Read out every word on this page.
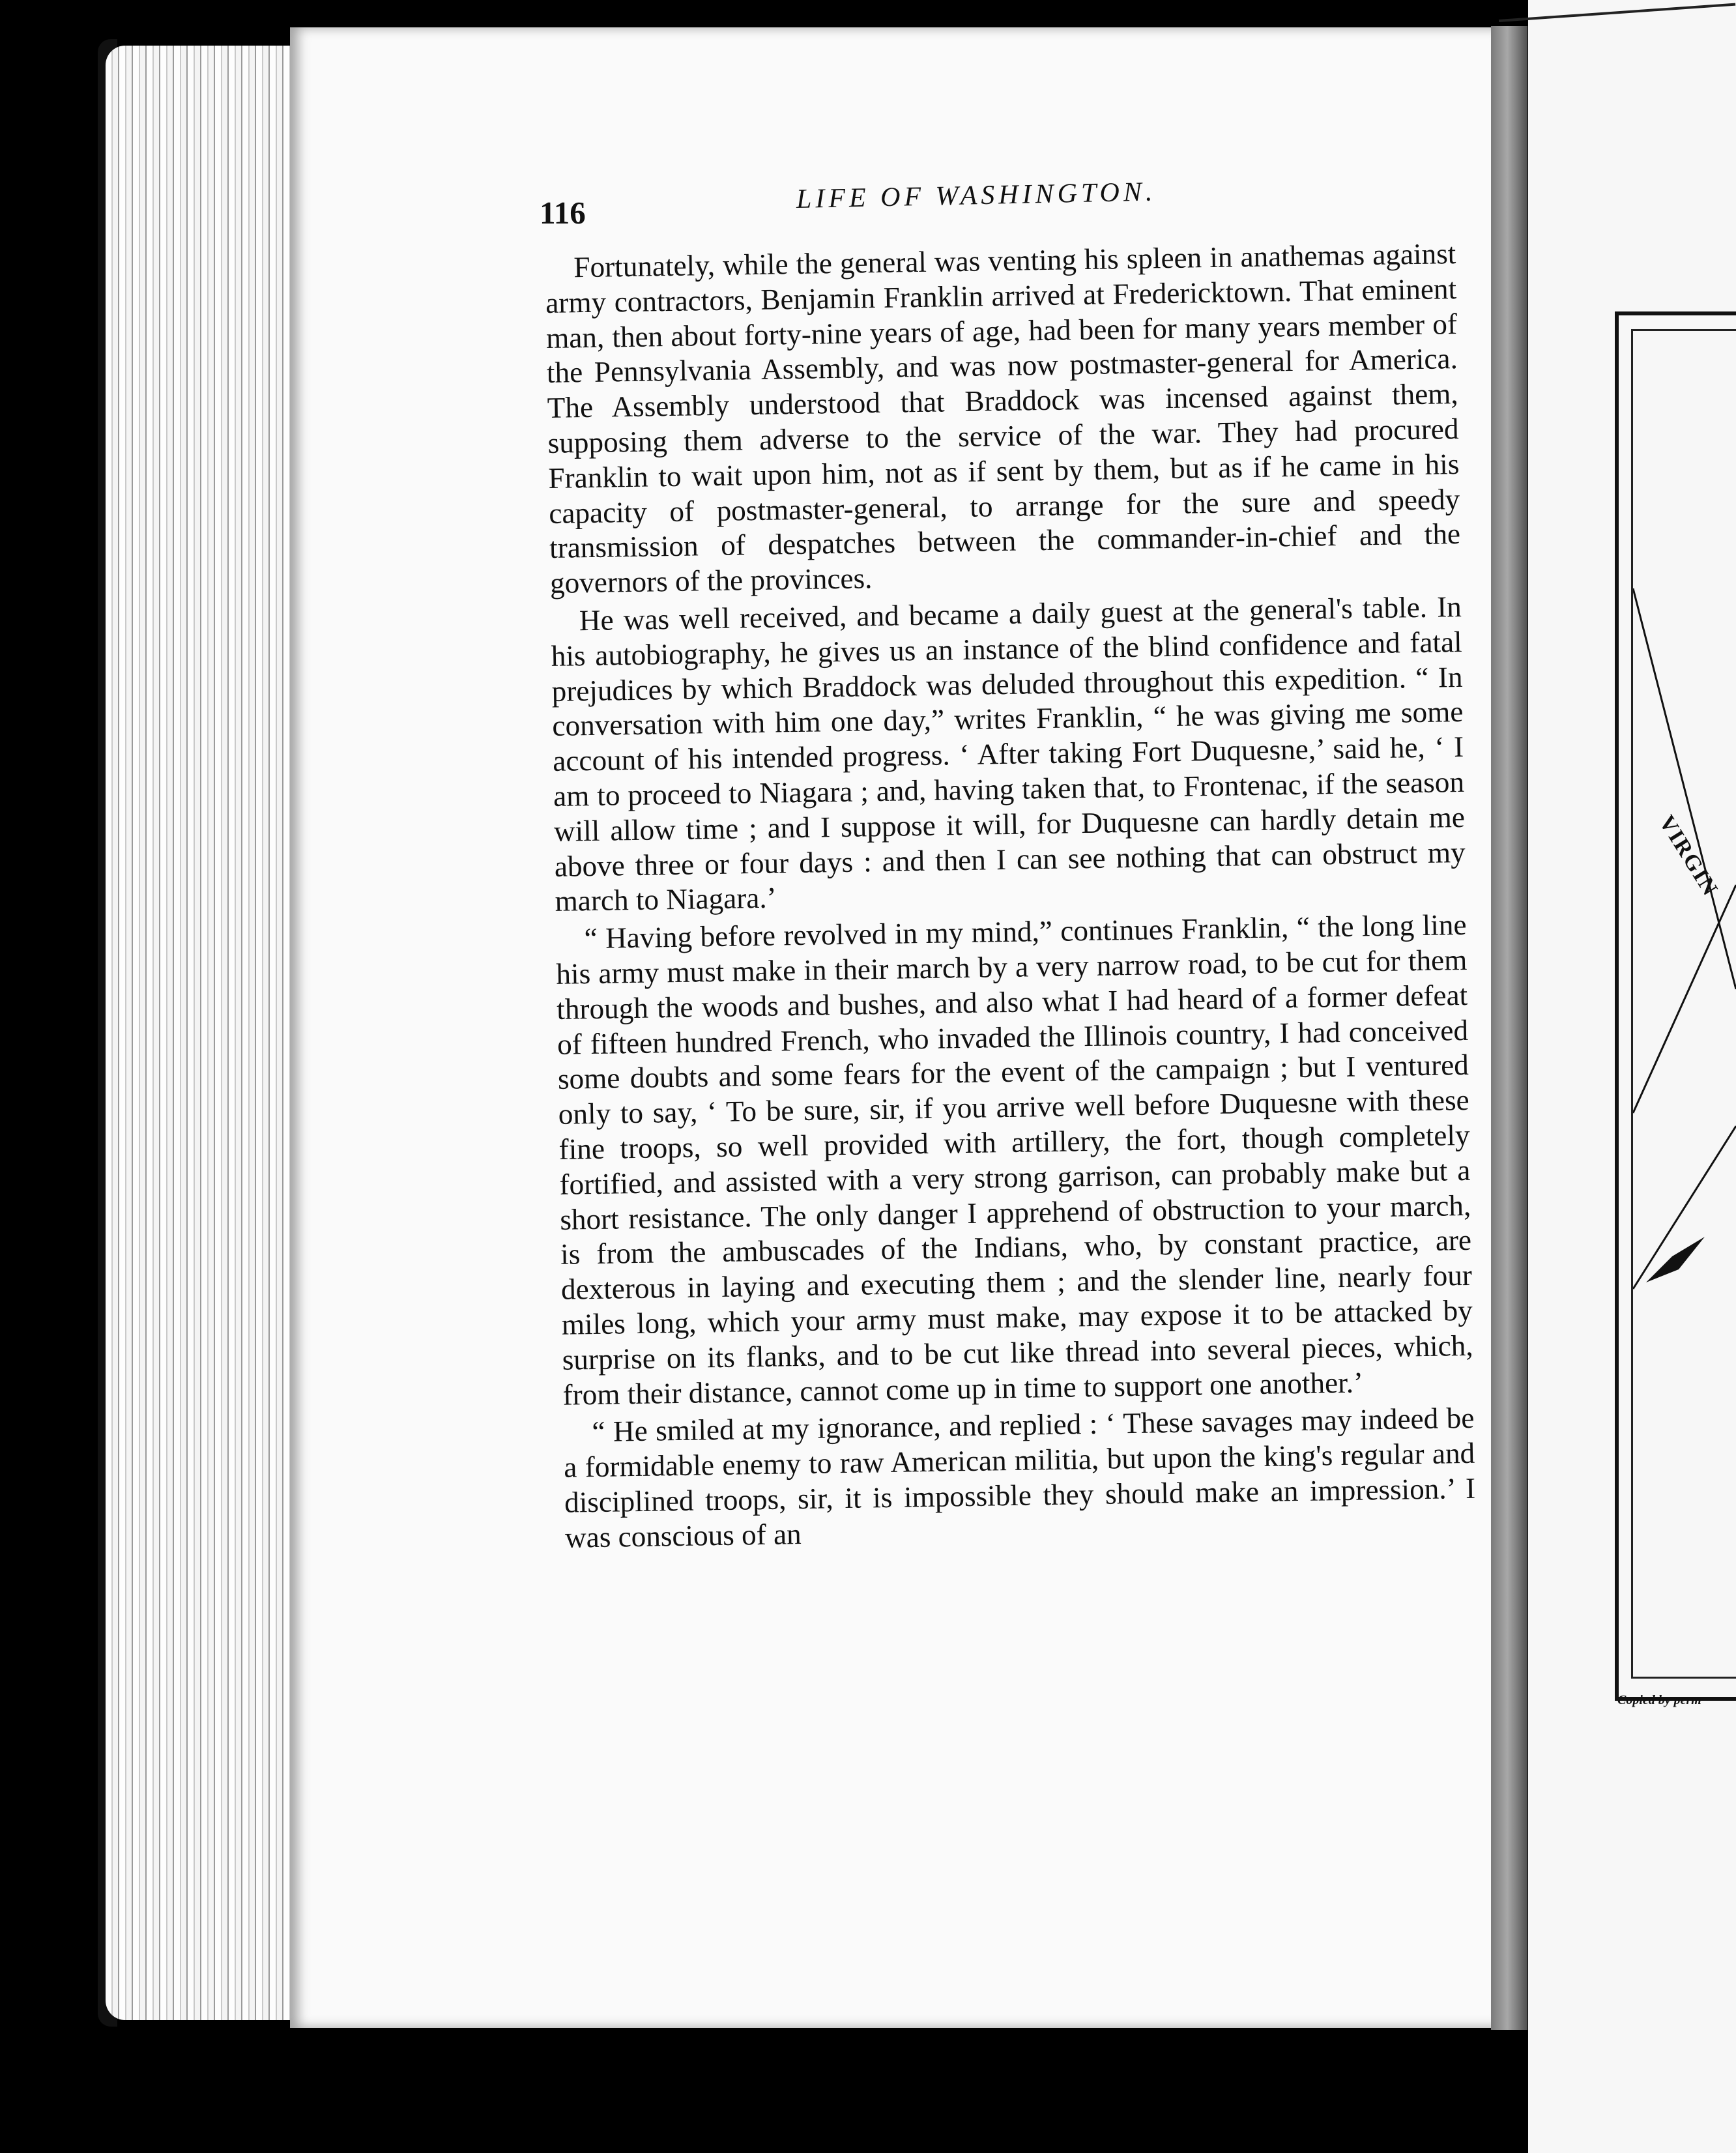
116	LIFE OF WASHINGTON.

Fortunately, while the general was venting his spleen in anathemas against army contractors, Benjamin Franklin arrived at Fredericktown. That eminent man, then about forty-nine years of age, had been for many years member of the Pennsylvania Assembly, and was now postmaster-general for America. The Assembly understood that Braddock was incensed against them, supposing them adverse to the service of the war. They had procured Franklin to wait upon him, not as if sent by them, but as if he came in his capacity of postmaster-general, to arrange for the sure and speedy transmission of despatches between the commander-in-chief and the governors of the provinces.

He was well received, and became a daily guest at the general's table. In his autobiography, he gives us an instance of the blind confidence and fatal prejudices by which Braddock was deluded throughout this expedition. “ In conversation with him one day,” writes Franklin, “ he was giving me some account of his intended progress. ‘ After taking Fort Duquesne,’ said he, ‘ I am to proceed to Niagara ; and, having taken that, to Frontenac, if the season will allow time ; and I suppose it will, for Duquesne can hardly detain me above three or four days : and then I can see nothing that can obstruct my march to Niagara.’

“ Having before revolved in my mind,” continues Franklin, “ the long line his army must make in their march by a very narrow road, to be cut for them through the woods and bushes, and also what I had heard of a former defeat of fifteen hundred French, who invaded the Illinois country, I had conceived some doubts and some fears for the event of the campaign ; but I ventured only to say, ‘ To be sure, sir, if you arrive well before Duquesne with these fine troops, so well provided with artillery, the fort, though completely fortified, and assisted with a very strong garrison, can probably make but a short resistance. The only danger I apprehend of obstruction to your march, is from the ambuscades of the Indians, who, by constant practice, are dexterous in laying and executing them ; and the slender line, nearly four miles long, which your army must make, may expose it to be attacked by surprise on its flanks, and to be cut like thread into several pieces, which, from their distance, cannot come up in time to support one another.’

“ He smiled at my ignorance, and replied : ‘ These savages may indeed be a formidable enemy to raw American militia, but upon the king's regular and disciplined troops, sir, it is impossible they should make an impression.’ I was conscious of an

VIRGIN
Copied by perm
